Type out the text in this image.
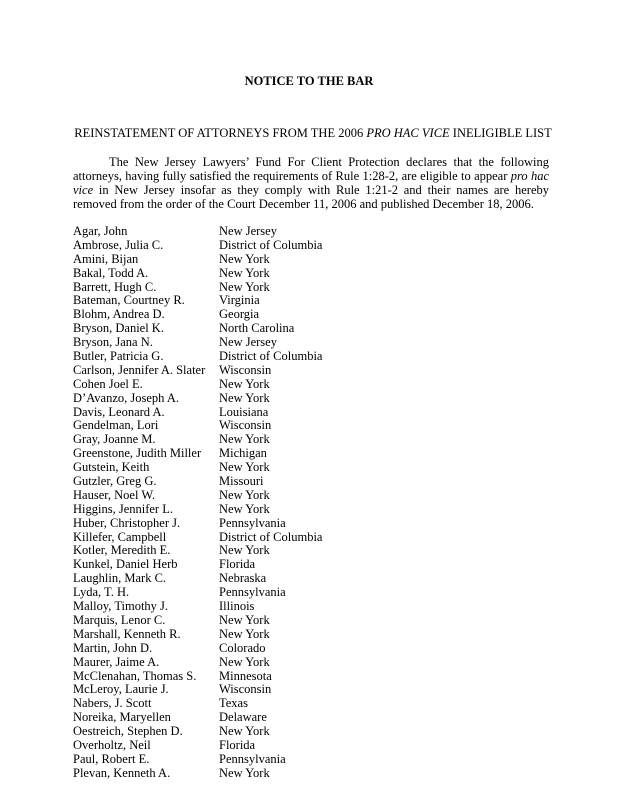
NOTICE TO THE BAR
REINSTATEMENT OF ATTORNEYS FROM THE 2006 PRO HAC VICE INELIGIBLE LIST

The New Jersey Lawyers’ Fund For Client Protection declares that the following attorneys, having fully satisfied the requirements of Rule 1:28-2, are eligible to appear pro hac vice in New Jersey insofar as they comply with Rule 1:21-2 and their names are hereby removed from the order of the Court December 11, 2006 and published December 18, 2006.

Agar, John	New Jersey
Ambrose, Julia C.	District of Columbia
Amini, Bijan	New York
Bakal, Todd A.	New York
Barrett, Hugh C.	New York
Bateman, Courtney R.	Virginia
Blohm, Andrea D.	Georgia
Bryson, Daniel K.	North Carolina
Bryson, Jana N.	New Jersey
Butler, Patricia G.	District of Columbia
Carlson, Jennifer A. Slater	Wisconsin
Cohen Joel E.	New York
D’Avanzo, Joseph A.	New York
Davis, Leonard A.	Louisiana
Gendelman, Lori	Wisconsin
Gray, Joanne M.	New York
Greenstone, Judith Miller	Michigan
Gutstein, Keith	New York
Gutzler, Greg G.	Missouri
Hauser, Noel W.	New York
Higgins, Jennifer L.	New York
Huber, Christopher J.	Pennsylvania
Killefer, Campbell	District of Columbia
Kotler, Meredith E.	New York
Kunkel, Daniel Herb	Florida
Laughlin, Mark C.	Nebraska
Lyda, T. H.	Pennsylvania
Malloy, Timothy J.	Illinois
Marquis, Lenor C.	New York
Marshall, Kenneth R.	New York
Martin, John D.	Colorado
Maurer, Jaime A.	New York
McClenahan, Thomas S.	Minnesota
McLeroy, Laurie J.	Wisconsin
Nabers, J. Scott	Texas
Noreika, Maryellen	Delaware
Oestreich, Stephen D.	New York
Overholtz, Neil	Florida
Paul, Robert E.	Pennsylvania
Plevan, Kenneth A.	New York
